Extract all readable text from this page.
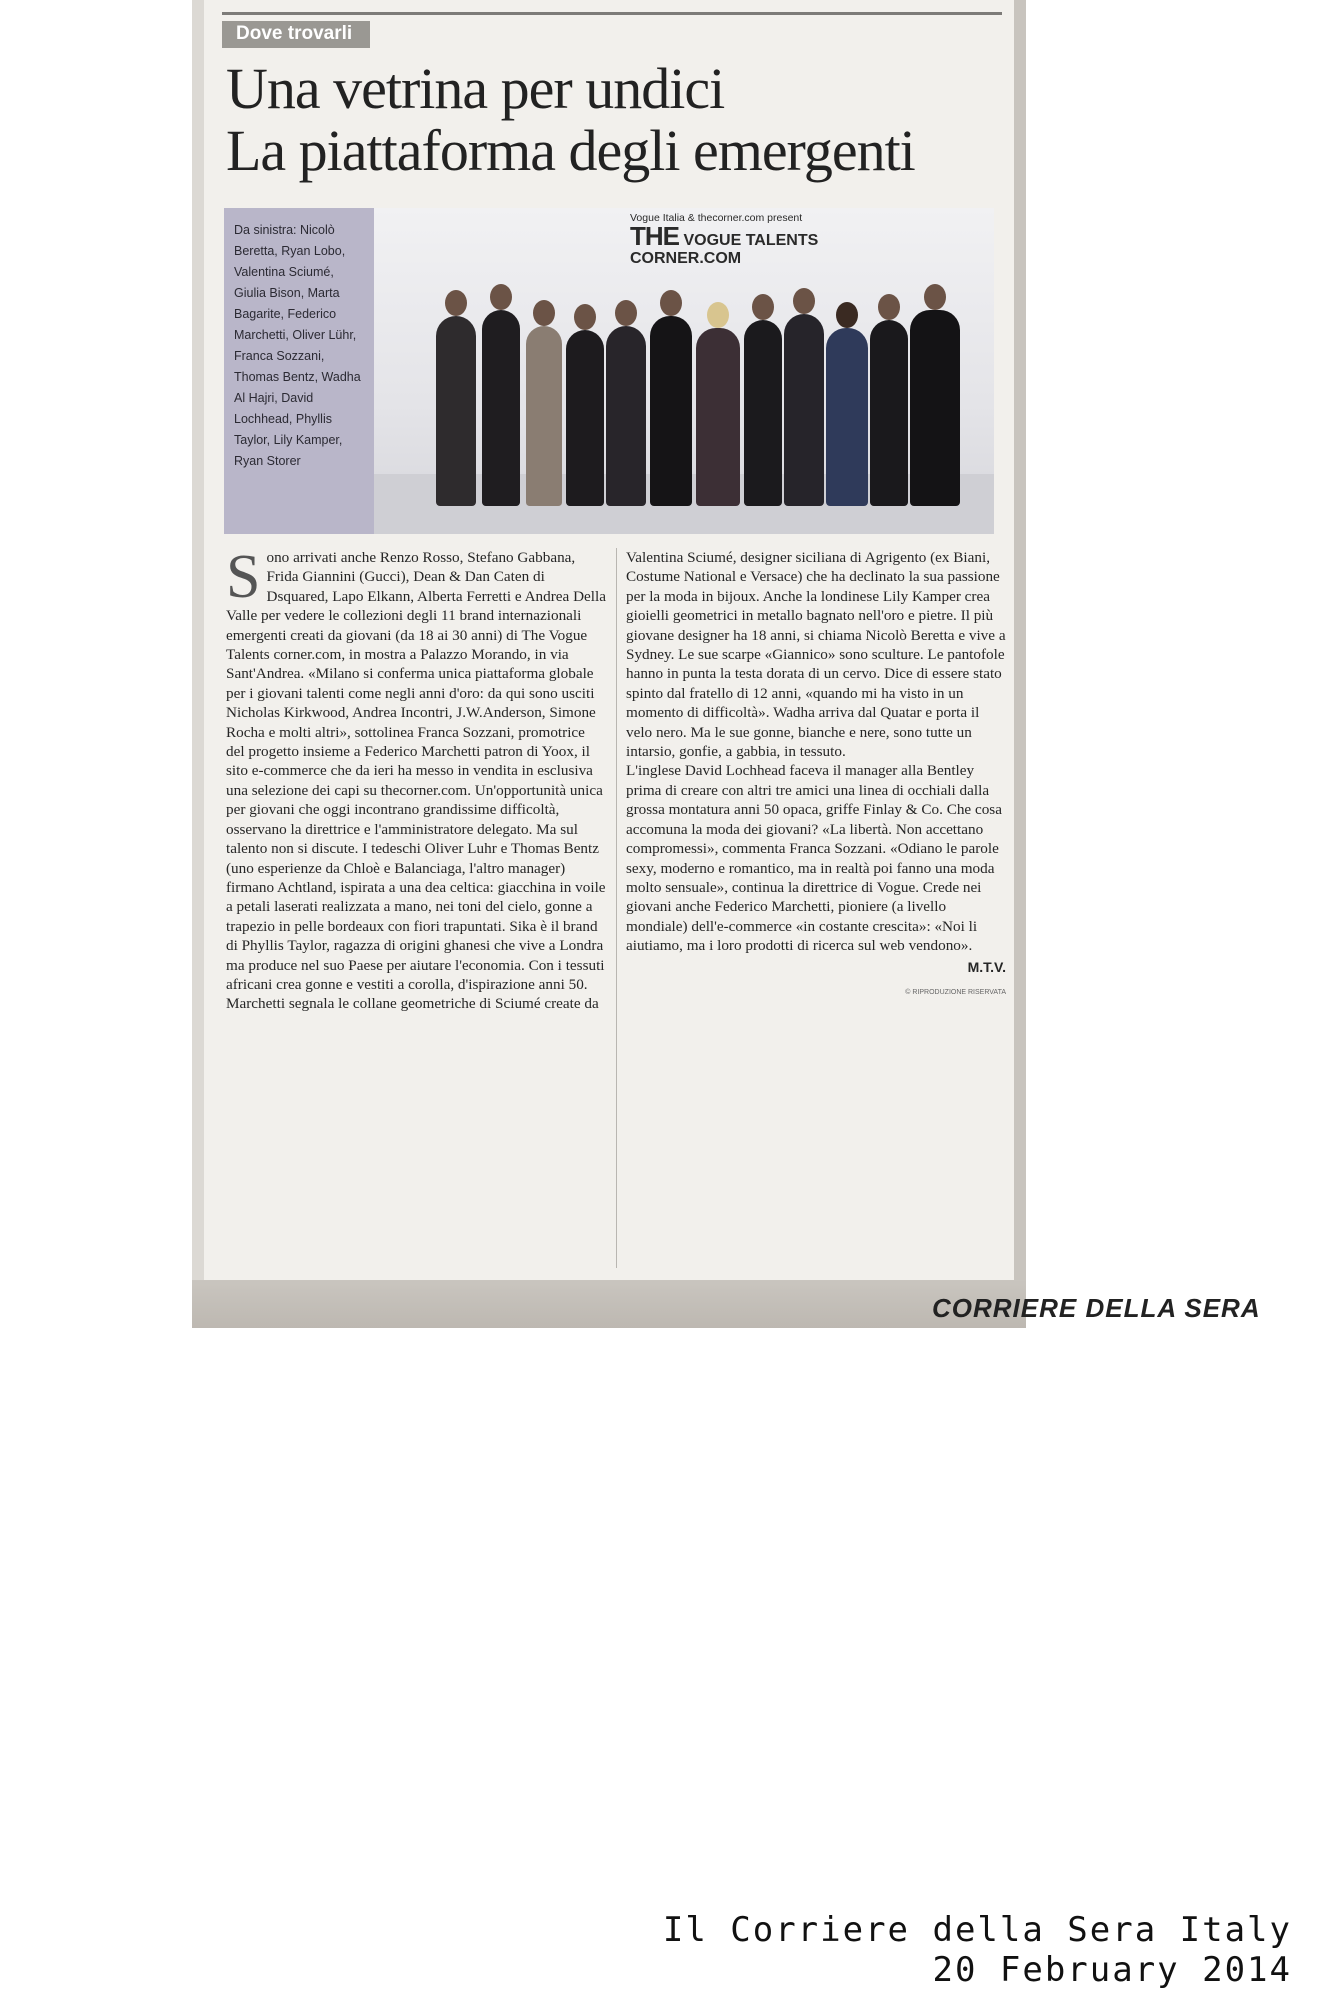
Dove trovarli
Una vetrina per undici
La piattaforma degli emergenti
Da sinistra: Nicolò Beretta, Ryan Lobo, Valentina Sciumé, Giulia Bison, Marta Bagarite, Federico Marchetti, Oliver Lühr, Franca Sozzani, Thomas Bentz, Wadha Al Hajri, David Lochhead, Phyllis Taylor, Lily Kamper, Ryan Storer
Vogue Italia & thecorner.com present
THE VOGUE TALENTS CORNER.COM
S ono arrivati anche Renzo Rosso, Stefano Gabbana, Frida Giannini (Gucci), Dean & Dan Caten di Dsquared, Lapo Elkann, Alberta Ferretti e Andrea Della Valle per vedere le collezioni degli 11 brand internazionali emergenti creati da giovani (da 18 ai 30 anni) di The Vogue Talents corner.com, in mostra a Palazzo Morando, in via Sant'Andrea. «Milano si conferma unica piattaforma globale per i giovani talenti come negli anni d'oro: da qui sono usciti Nicholas Kirkwood, Andrea Incontri, J.W.Anderson, Simone Rocha e molti altri», sottolinea Franca Sozzani, promotrice del progetto insieme a Federico Marchetti patron di Yoox, il sito e-commerce che da ieri ha messo in vendita in esclusiva una selezione dei capi su thecorner.com. Un'opportunità unica per giovani che oggi incontrano grandissime difficoltà, osservano la direttrice e l'amministratore delegato. Ma sul talento non si discute. I tedeschi Oliver Luhr e Thomas Bentz (uno esperienze da Chloè e Balanciaga, l'altro manager) firmano Achtland, ispirata a una dea celtica: giacchina in voile a petali laserati realizzata a mano, nei toni del cielo, gonne a trapezio in pelle bordeaux con fiori trapuntati. Sika è il brand di Phyllis Taylor, ragazza di origini ghanesi che vive a Londra ma produce nel suo Paese per aiutare l'economia. Con i tessuti africani crea gonne e vestiti a corolla, d'ispirazione anni 50. Marchetti segnala le collane geometriche di Sciumé create da Valentina Sciumé, designer siciliana di Agrigento (ex Biani, Costume National e Versace) che ha declinato la sua passione per la moda in bijoux. Anche la londinese Lily Kamper crea gioielli geometrici in metallo bagnato nell'oro e pietre. Il più giovane designer ha 18 anni, si chiama Nicolò Beretta e vive a Sydney. Le sue scarpe «Giannico» sono sculture. Le pantofole hanno in punta la testa dorata di un cervo. Dice di essere stato spinto dal fratello di 12 anni, «quando mi ha visto in un momento di difficoltà». Wadha arriva dal Quatar e porta il velo nero. Ma le sue gonne, bianche e nere, sono tutte un intarsio, gonfie, a gabbia, in tessuto.

L'inglese David Lochhead faceva il manager alla Bentley prima di creare con altri tre amici una linea di occhiali dalla grossa montatura anni 50 opaca, griffe Finlay & Co. Che cosa accomuna la moda dei giovani? «La libertà. Non accettano compromessi», commenta Franca Sozzani. «Odiano le parole sexy, moderno e romantico, ma in realtà poi fanno una moda molto sensuale», continua la direttrice di Vogue. Crede nei giovani anche Federico Marchetti, pioniere (a livello mondiale) dell'e-commerce «in costante crescita»: «Noi li aiutiamo, ma i loro prodotti di ricerca sul web vendono».

M.T.V.
© RIPRODUZIONE RISERVATA
CORRIERE DELLA SERA
Il Corriere della Sera Italy
20 February 2014
